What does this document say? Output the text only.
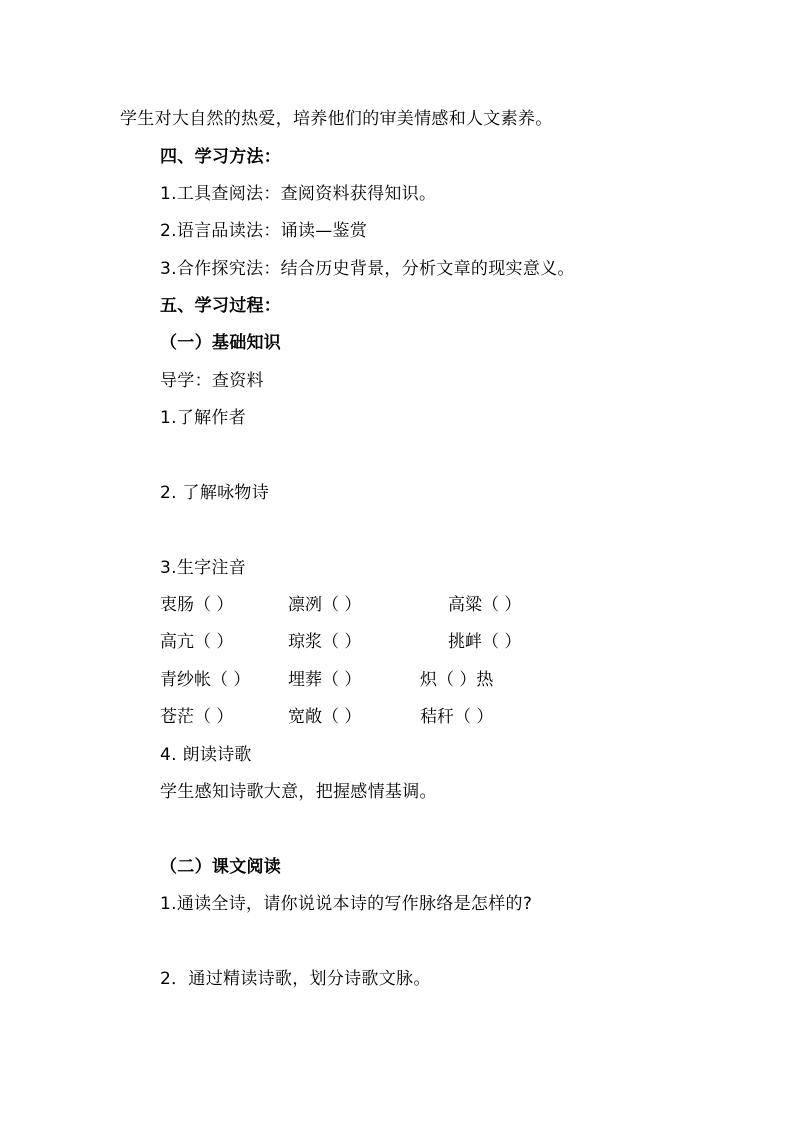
学生对大自然的热爱，培养他们的审美情感和人文素养。
四、学习方法：
1.工具查阅法：查阅资料获得知识。
2.语言品读法：诵读—鉴赏
3.合作探究法：结合历史背景，分析文章的现实意义。
五、学习过程：
（一）基础知识
导学：查资料
1.了解作者
2. 了解咏物诗
3.生字注音
衷肠（ ）	凛冽（ ）	高粱（ ）
高亢（ ）	琼浆（ ）	挑衅（ ）
青纱帐（ ） 埋葬（ ）	炽（ ）热
苍茫（ ）	宽敞（ ）	秸秆（ ）
4. 朗读诗歌
学生感知诗歌大意，把握感情基调。
（二）课文阅读
1.通读全诗，请你说说本诗的写作脉络是怎样的?
2．通过精读诗歌，划分诗歌文脉。
